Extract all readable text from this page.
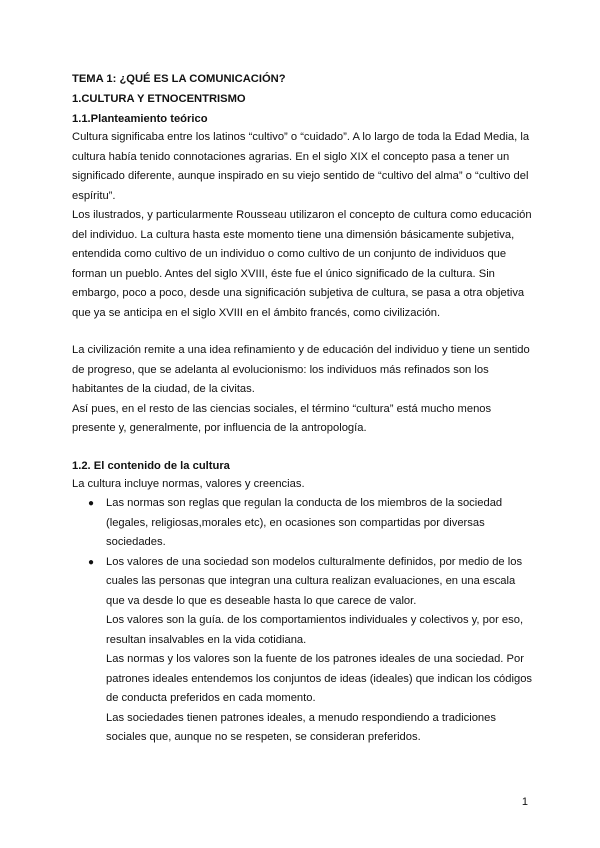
TEMA 1: ¿QUÉ ES LA COMUNICACIÓN?
1.CULTURA Y ETNOCENTRISMO
1.1.Planteamiento teórico

Cultura significaba entre los latinos “cultivo” o “cuidado”. A lo largo de toda la Edad Media, la cultura había tenido connotaciones agrarias. En el siglo XIX el concepto pasa a tener un significado diferente, aunque inspirado en su viejo sentido de “cultivo del alma” o “cultivo del espíritu”.

Los ilustrados, y particularmente Rousseau utilizaron el concepto de cultura como educación del individuo. La cultura hasta este momento tiene una dimensión básicamente subjetiva, entendida como cultivo de un individuo o como cultivo de un conjunto de individuos que forman un pueblo. Antes del siglo XVIII, éste fue el único significado de la cultura. Sin embargo, poco a poco, desde una significación subjetiva de cultura, se pasa a otra objetiva que ya se anticipa en el siglo XVIII en el ámbito francés, como civilización.

La civilización remite a una idea refinamiento y de educación del individuo y tiene un sentido de progreso, que se adelanta al evolucionismo: los individuos más refinados son los habitantes de la ciudad, de la civitas.

Así pues, en el resto de las ciencias sociales, el término “cultura” está mucho menos presente y, generalmente, por influencia de la antropología.

1.2. El contenido de la cultura

La cultura incluye normas, valores y creencias.

● Las normas son reglas que regulan la conducta de los miembros de la sociedad (legales, religiosas,morales etc), en ocasiones son compartidas por diversas sociedades.
● Los valores de una sociedad son modelos culturalmente definidos, por medio de los cuales las personas que integran una cultura realizan evaluaciones, en una escala que va desde lo que es deseable hasta lo que carece de valor.

Los valores son la guía. de los comportamientos individuales y colectivos y, por eso, resultan insalvables en la vida cotidiana.

Las normas y los valores son la fuente de los patrones ideales de una sociedad. Por patrones ideales entendemos los conjuntos de ideas (ideales) que indican los códigos de conducta preferidos en cada momento.

Las sociedades tienen patrones ideales, a menudo respondiendo a tradiciones sociales que, aunque no se respeten, se consideran preferidos.

1
